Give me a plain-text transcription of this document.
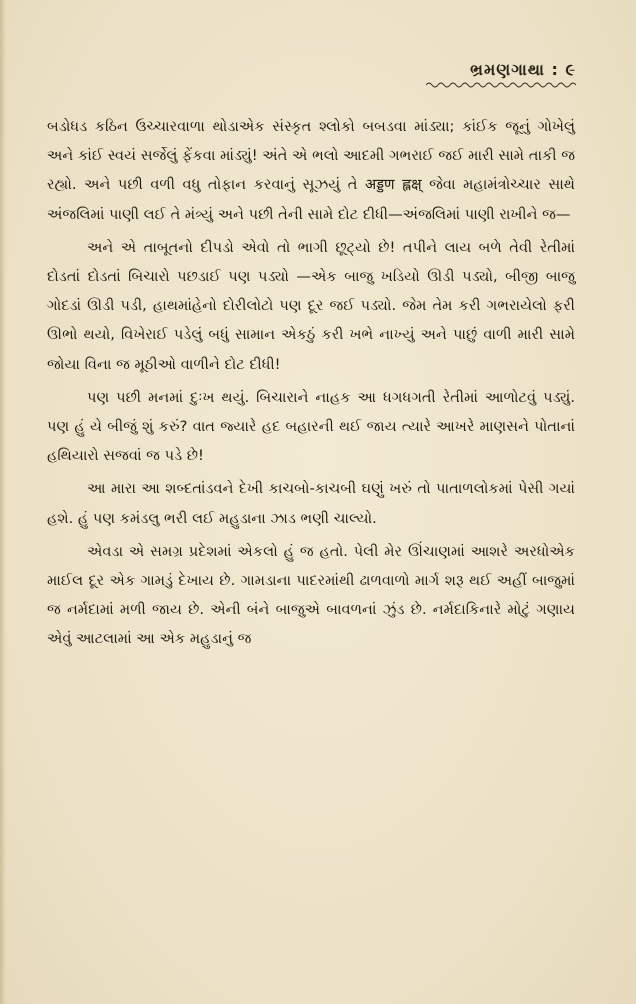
ભ્રમણગાથા : ૯

બડોધડ કઠિન ઉચ્ચારવાળા થોડાએક સંસ્કૃત શ્લોકો બબડવા માંડ્યા; કાંઈક જૂનું ગોખેલું અને કાંઈ સ્વયં સર્જેલું ફેંકવા માંડ્યું! અંતે એ ભલો આદમી ગભરાઈ જઈ મારી સામે તાકી જ રહ્યો. અને પછી વળી વધુ તોફાન કરવાનું સૂઝયું તે अड्डण ह्लक्ष् જેવા મહામંત્રોચ્ચાર સાથે અંજલિમાં પાણી લઈ તે મંત્ર્યું અને પછી તેની સામે દોટ દીધી—અંજલિમાં પાણી રાખીને જ—

અને એ તાબૂતનો દીપડો એવો તો ભાગી છૂટ્યો છે! તપીને લાય બળે તેવી રેતીમાં દોડતાં દોડતાં બિચારો પછડાઈ પણ પડ્યો —એક બાજુ ખડિયો ઊડી પડ્યો, બીજી બાજુ ગોદડાં ઊડી પડી, હાથમાંહેનો દોરીલોટો પણ દૂર જઈ પડ્યો. જેમ તેમ કરી ગભરાયેલો ફરી ઊભો થયો, વિખેરાઈ પડેલું બધું સામાન એકઠું કરી ખભે નાખ્યું અને પાછું વાળી મારી સામે જોયા વિના જ મૂઠીઓ વાળીને દોટ દીધી!

પણ પછી મનમાં દુઃખ થયું. બિચારાને નાહક આ ધગધગતી રેતીમાં આળોટવું પડ્યું. પણ હું યે બીજું શું કરું? વાત જ્યારે હદ બહારની થઈ જાય ત્યારે આખરે માણસને પોતાનાં હથિયારો સજવાં જ પડે છે!

આ મારા આ શબ્દતાંડવને દેખી કાચબો-કાચબી ઘણું ખરું તો પાતાળલોકમાં પેસી ગયાં હશે. હું પણ કમંડલુ ભરી લઈ મહુડાના ઝાડ ભણી ચાલ્યો.

એવડા એ સમગ્ર પ્રદેશમાં એકલો હું જ હતો. પેલી મેર ઊંચાણમાં આશરે અરધોએક માઈલ દૂર એક ગામડું દેખાય છે. ગામડાના પાદરમાંથી ઢાળવાળો માર્ગ શરૂ થઈ અહીં બાજુમાં જ નર્મદામાં મળી જાય છે. એની બંને બાજુએ બાવળનાં ઝુંડ છે. નર્મદાકિનારે મોટું ગણાય એવું આટલામાં આ એક મહુડાનું જ
